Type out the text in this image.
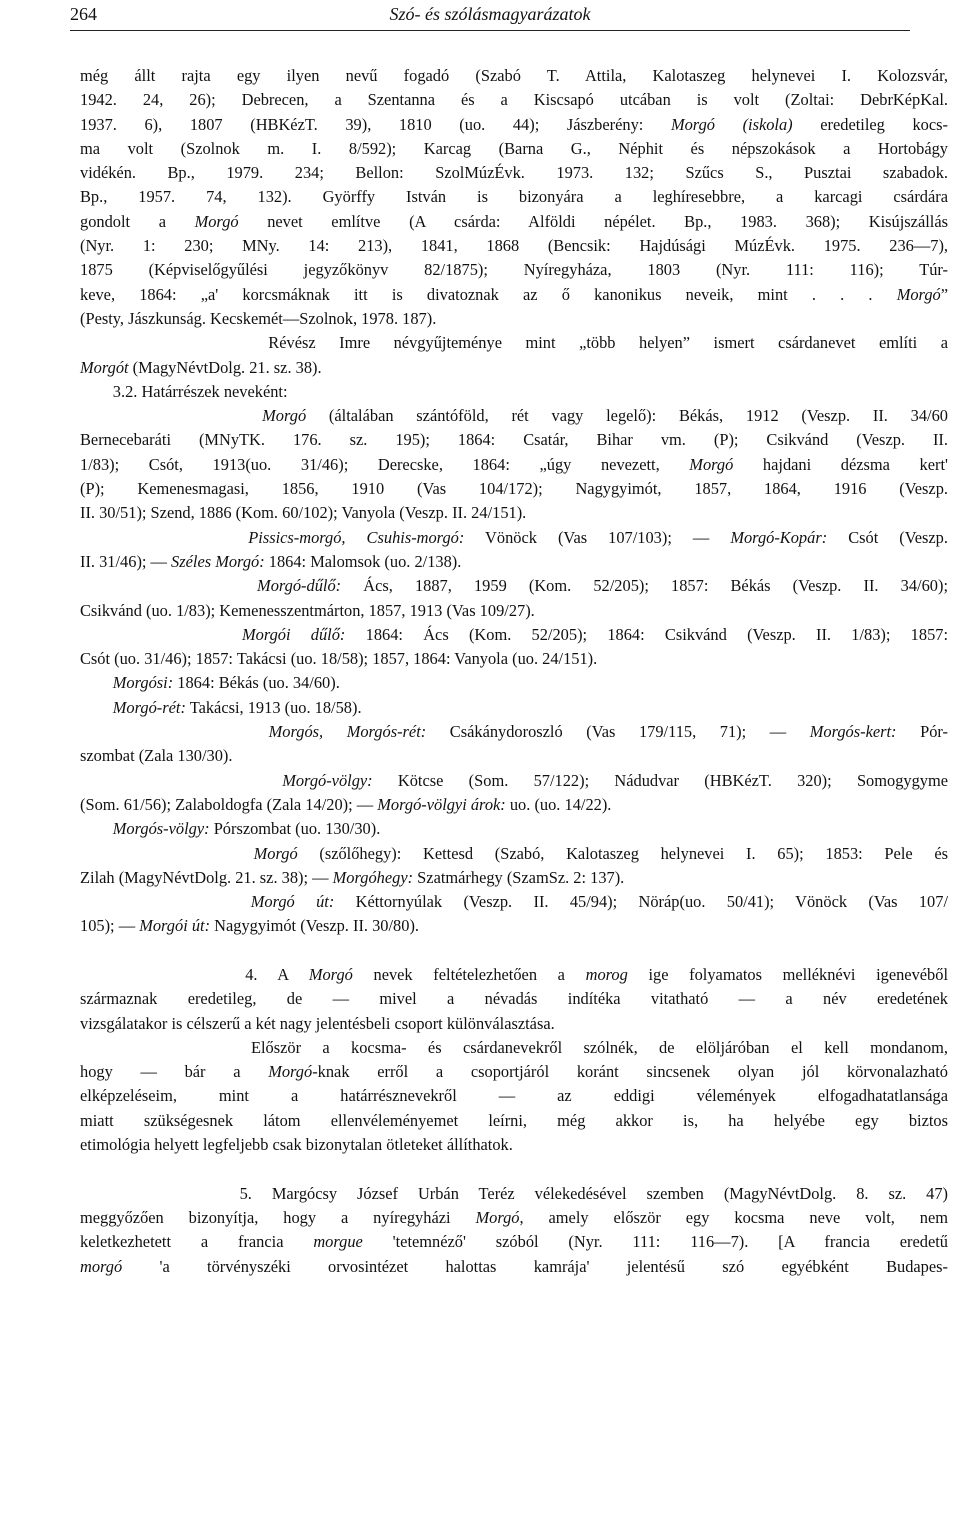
264	Szó- és szólásmagyarázatok
még állt rajta egy ilyen nevű fogadó (Szabó T. Attila, Kalotaszeg helynevei I. Kolozsvár,
1942. 24, 26); Debrecen, a Szentanna és a Kiscsapó utcában is volt (Zoltai: DebrKépKal.
1937. 6), 1807 (HBKézT. 39), 1810 (uo. 44); Jászberény: Morgó (iskola) eredetileg kocs-
ma volt (Szolnok m. I. 8/592); Karcag (Barna G., Néphit és népszokások a Hortobágy
vidékén. Bp., 1979. 234; Bellon: SzolMúzÉvk. 1973. 132; Szűcs S., Pusztai szabadok.
Bp., 1957. 74, 132). Györffy István is bizonyára a leghíresebbre, a karcagi csárdára
gondolt a Morgó nevet említve (A csárda: Alföldi népélet. Bp., 1983. 368); Kisújszállás
(Nyr. 1: 230; MNy. 14: 213), 1841, 1868 (Bencsik: Hajdúsági MúzÉvk. 1975. 236—7),
1875 (Képviselőgyűlési jegyzőkönyv 82/1875); Nyíregyháza, 1803 (Nyr. 111: 116); Túr-
keve, 1864: „a' korcsmáknak itt is divatoznak az ő kanonikus neveik, mint . . . Morgó”
(Pesty, Jászkunság. Kecskemét—Szolnok, 1978. 187).
Révész Imre névgyűjteménye mint „több helyen” ismert csárdanevet említi a
Morgót (MagyNévtDolg. 21. sz. 38).
3.2. Határrészek neveként:
Morgó (általában szántóföld, rét vagy legelő): Békás, 1912 (Veszp. II. 34/60
Bernecebaráti (MNyTK. 176. sz. 195); 1864: Csatár, Bihar vm. (P); Csikvánd (Veszp. II.
1/83); Csót, 1913(uo. 31/46); Derecske, 1864: „úgy nevezett, Morgó hajdani dézsma kert'
(P); Kemenesmagasi, 1856, 1910 (Vas 104/172); Nagygyimót, 1857, 1864, 1916 (Veszp.
II. 30/51); Szend, 1886 (Kom. 60/102); Vanyola (Veszp. II. 24/151).
Pissics-morgó, Csuhis-morgó: Vönöck (Vas 107/103); — Morgó-Kopár: Csót (Veszp.
II. 31/46); — Széles Morgó: 1864: Malomsok (uo. 2/138).
Morgó-dűlő: Ács, 1887, 1959 (Kom. 52/205); 1857: Békás (Veszp. II. 34/60);
Csikvánd (uo. 1/83); Kemenesszentmárton, 1857, 1913 (Vas 109/27).
Morgói dűlő: 1864: Ács (Kom. 52/205); 1864: Csikvánd (Veszp. II. 1/83); 1857:
Csót (uo. 31/46); 1857: Takácsi (uo. 18/58); 1857, 1864: Vanyola (uo. 24/151).
Morgósi: 1864: Békás (uo. 34/60).
Morgó-rét: Takácsi, 1913 (uo. 18/58).
Morgós, Morgós-rét: Csákánydoroszló (Vas 179/115, 71); — Morgós-kert: Pór-
szombat (Zala 130/30).
Morgó-völgy: Kötcse (Som. 57/122); Nádudvar (HBKézT. 320); Somogygyme
(Som. 61/56); Zalaboldogfa (Zala 14/20); — Morgó-völgyi árok: uo. (uo. 14/22).
Morgós-völgy: Pórszombat (uo. 130/30).
Morgó (szőlőhegy): Kettesd (Szabó, Kalotaszeg helynevei I. 65); 1853: Pele és
Zilah (MagyNévtDolg. 21. sz. 38); — Morgóhegy: Szatmárhegy (SzamSz. 2: 137).
Morgó út: Kéttornyúlak (Veszp. II. 45/94); Nöráp(uo. 50/41); Vönöck (Vas 107/
105); — Morgói út: Nagygyimót (Veszp. II. 30/80).
4. A Morgó nevek feltételezhetően a morog ige folyamatos melléknévi igenevéből
származnak eredetileg, de — mivel a névadás indítéka vitatható — a név eredetének
vizsgálatakor is célszerű a két nagy jelentésbeli csoport különválasztása.
Először a kocsma- és csárdanevekről szólnék, de elöljáróban el kell mondanom,
hogy — bár a Morgó-knak erről a csoportjáról koránt sincsenek olyan jól körvonalazható
elképzeléseim, mint a határrésznevekről — az eddigi vélemények elfogadhatatlansága
miatt szükségesnek látom ellenvéleményemet leírni, még akkor is, ha helyébe egy biztos
etimológia helyett legfeljebb csak bizonytalan ötleteket állíthatok.
5. Margócsy József Urbán Teréz vélekedésével szemben (MagyNévtDolg. 8. sz. 47)
meggyőzően bizonyítja, hogy a nyíregyházi Morgó, amely először egy kocsma neve volt, nem
keletkezhetett a francia morgue 'tetemnéző' szóból (Nyr. 111: 116—7). [A francia eredetű
morgó 'a törvényszéki orvosintézet halottas kamrája' jelentésű szó egyébként Budapes-
